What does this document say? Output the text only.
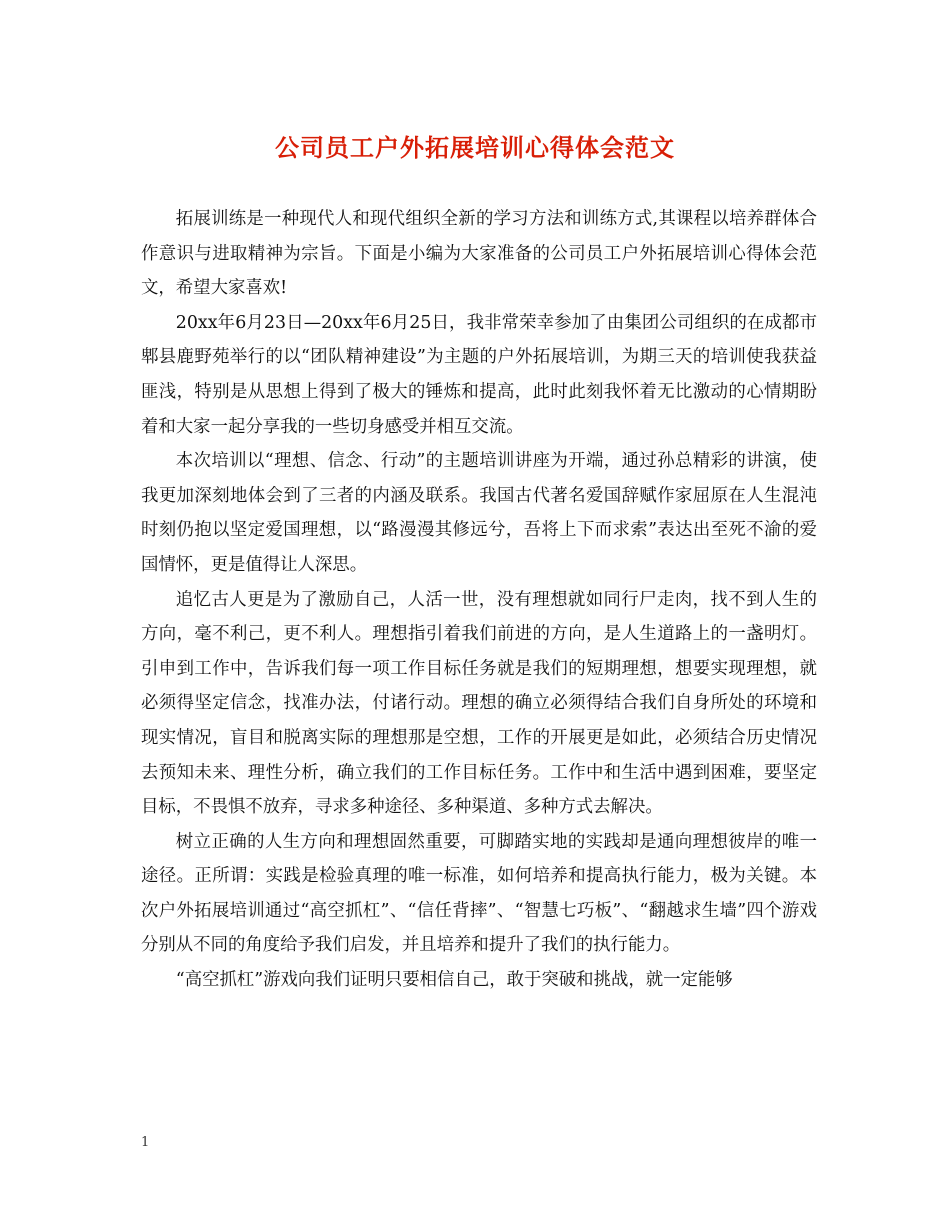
公司员工户外拓展培训心得体会范文

拓展训练是一种现代人和现代组织全新的学习方法和训练方式,其课程以培养群体合作意识与进取精神为宗旨。下面是小编为大家准备的公司员工户外拓展培训心得体会范文，希望大家喜欢!

20xx年6月23日—20xx年6月25日，我非常荣幸参加了由集团公司组织的在成都市郫县鹿野苑举行的以“团队精神建设”为主题的户外拓展培训，为期三天的培训使我获益匪浅，特别是从思想上得到了极大的锤炼和提高，此时此刻我怀着无比激动的心情期盼着和大家一起分享我的一些切身感受并相互交流。

本次培训以“理想、信念、行动”的主题培训讲座为开端，通过孙总精彩的讲演，使我更加深刻地体会到了三者的内涵及联系。我国古代著名爱国辞赋作家屈原在人生混沌时刻仍抱以坚定爱国理想，以“路漫漫其修远兮，吾将上下而求索”表达出至死不渝的爱国情怀，更是值得让人深思。

追忆古人更是为了激励自己，人活一世，没有理想就如同行尸走肉，找不到人生的方向，毫不利己，更不利人。理想指引着我们前进的方向，是人生道路上的一盏明灯。引申到工作中，告诉我们每一项工作目标任务就是我们的短期理想，想要实现理想，就必须得坚定信念，找准办法，付诸行动。理想的确立必须得结合我们自身所处的环境和现实情况，盲目和脱离实际的理想那是空想，工作的开展更是如此，必须结合历史情况去预知未来、理性分析，确立我们的工作目标任务。工作中和生活中遇到困难，要坚定目标，不畏惧不放弃，寻求多种途径、多种渠道、多种方式去解决。

树立正确的人生方向和理想固然重要，可脚踏实地的实践却是通向理想彼岸的唯一途径。正所谓：实践是检验真理的唯一标准，如何培养和提高执行能力，极为关键。本次户外拓展培训通过“高空抓杠”、“信任背摔”、“智慧七巧板”、“翻越求生墙”四个游戏分别从不同的角度给予我们启发，并且培养和提升了我们的执行能力。

“高空抓杠”游戏向我们证明只要相信自己，敢于突破和挑战，就一定能够

1
